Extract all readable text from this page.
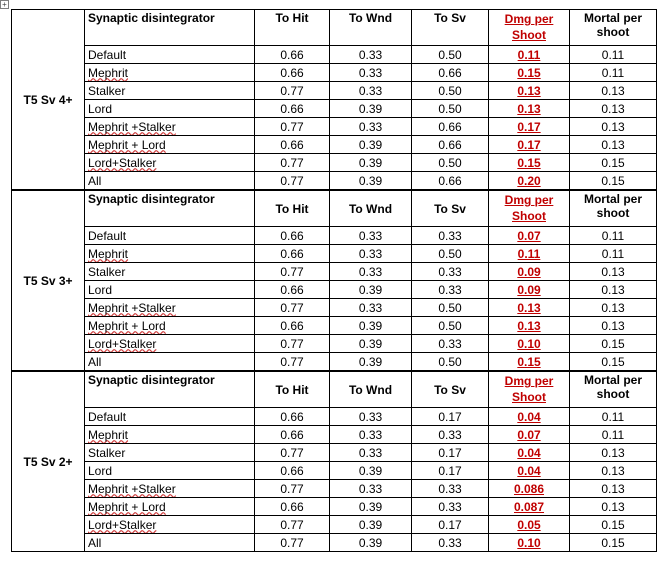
+
T5 Sv 4+	Synaptic disintegrator	To Hit	To Wnd	To Sv	Dmg per Shoot	Mortal per shoot
	Default	0.66	0.33	0.50	0.11	0.11
	Mephrit	0.66	0.33	0.66	0.15	0.11
	Stalker	0.77	0.33	0.50	0.13	0.13
	Lord	0.66	0.39	0.50	0.13	0.13
	Mephrit +Stalker	0.77	0.33	0.66	0.17	0.13
	Mephrit + Lord	0.66	0.39	0.66	0.17	0.13
	Lord+Stalker	0.77	0.39	0.50	0.15	0.15
	All	0.77	0.39	0.66	0.20	0.15
T5 Sv 3+	Synaptic disintegrator	To Hit	To Wnd	To Sv	Dmg per Shoot	Mortal per shoot
	Default	0.66	0.33	0.33	0.07	0.11
	Mephrit	0.66	0.33	0.50	0.11	0.11
	Stalker	0.77	0.33	0.33	0.09	0.13
	Lord	0.66	0.39	0.33	0.09	0.13
	Mephrit +Stalker	0.77	0.33	0.50	0.13	0.13
	Mephrit + Lord	0.66	0.39	0.50	0.13	0.13
	Lord+Stalker	0.77	0.39	0.33	0.10	0.15
	All	0.77	0.39	0.50	0.15	0.15
T5 Sv 2+	Synaptic disintegrator	To Hit	To Wnd	To Sv	Dmg per Shoot	Mortal per shoot
	Default	0.66	0.33	0.17	0.04	0.11
	Mephrit	0.66	0.33	0.33	0.07	0.11
	Stalker	0.77	0.33	0.17	0.04	0.13
	Lord	0.66	0.39	0.17	0.04	0.13
	Mephrit +Stalker	0.77	0.33	0.33	0.086	0.13
	Mephrit + Lord	0.66	0.39	0.33	0.087	0.13
	Lord+Stalker	0.77	0.39	0.17	0.05	0.15
	All	0.77	0.39	0.33	0.10	0.15
